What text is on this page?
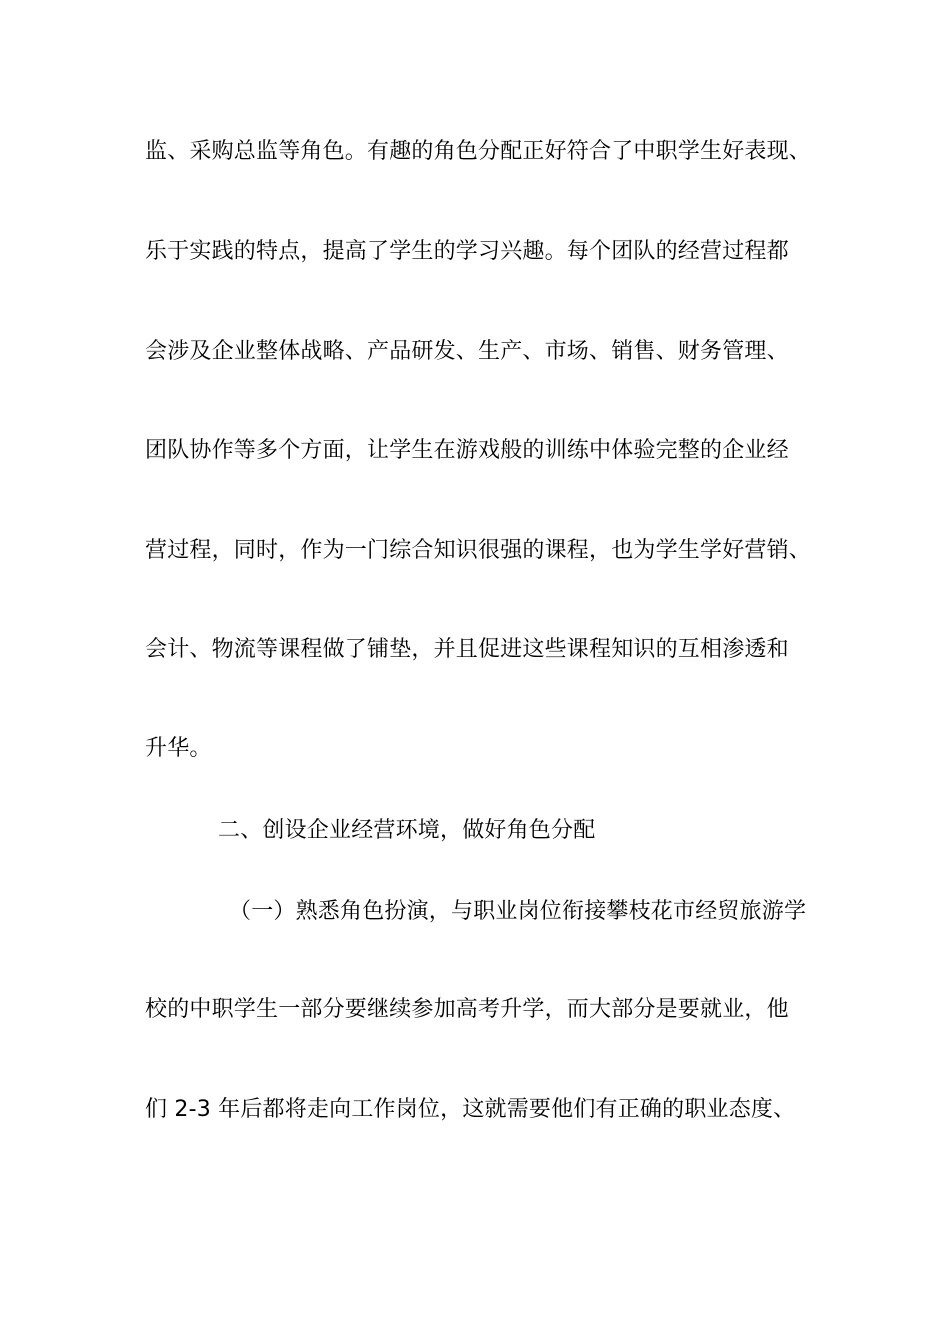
监、采购总监等角色。有趣的角色分配正好符合了中职学生好表现、
乐于实践的特点，提高了学生的学习兴趣。每个团队的经营过程都
会涉及企业整体战略、产品研发、生产、市场、销售、财务管理、
团队协作等多个方面，让学生在游戏般的训练中体验完整的企业经
营过程，同时，作为一门综合知识很强的课程，也为学生学好营销、
会计、物流等课程做了铺垫，并且促进这些课程知识的互相渗透和
升华。
二、创设企业经营环境，做好角色分配
（一）熟悉角色扮演，与职业岗位衔接攀枝花市经贸旅游学
校的中职学生一部分要继续参加高考升学，而大部分是要就业，他
们 2-3 年后都将走向工作岗位，这就需要他们有正确的职业态度、
